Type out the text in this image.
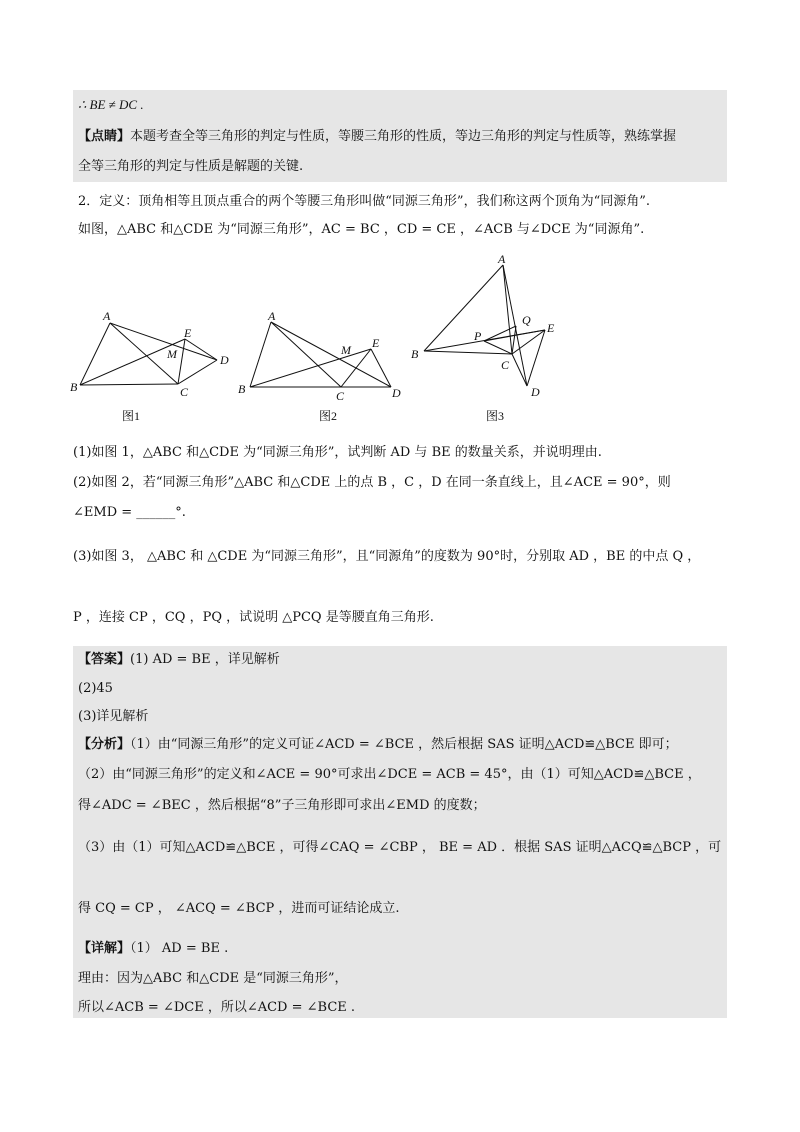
∴ BE ≠ DC .
【点睛】本题考查全等三角形的判定与性质，等腰三角形的性质，等边三角形的判定与性质等，熟练掌握
全等三角形的判定与性质是解题的关键.
2．定义：顶角相等且顶点重合的两个等腰三角形叫做“同源三角形”，我们称这两个顶角为“同源角”.
如图，△ABC 和△CDE 为“同源三角形”，AC = BC ，CD = CE ，∠ACB 与∠DCE 为“同源角”.
A
B	C
D
E
M
图1
A
B	C	D
E
M
图2
A
B
C
D
E
P
Q
图3
(1)如图 1，△ABC 和△CDE 为“同源三角形”，试判断 AD 与 BE 的数量关系，并说明理由.
(2)如图 2，若“同源三角形”△ABC 和△CDE 上的点 B ，C ，D 在同一条直线上，且∠ACE = 90°，则
∠EMD = ______°.
(3)如图 3， △ABC 和 △CDE 为“同源三角形”，且“同源角”的度数为 90°时，分别取 AD ，BE 的中点 Q ，
P ，连接 CP ，CQ ，PQ ，试说明 △PCQ 是等腰直角三角形.
【答案】(1) AD = BE ，详见解析
(2)45
(3)详见解析
【分析】（1）由“同源三角形”的定义可证∠ACD = ∠BCE ，然后根据 SAS 证明△ACD≌△BCE 即可；
（2）由“同源三角形”的定义和∠ACE = 90°可求出∠DCE = ACB = 45°，由（1）可知△ACD≌△BCE ，
得∠ADC = ∠BEC ，然后根据“8”子三角形即可求出∠EMD 的度数；
（3）由（1）可知△ACD≌△BCE ，可得∠CAQ = ∠CBP ， BE = AD ．根据 SAS 证明△ACQ≌△BCP ，可
得 CQ = CP ， ∠ACQ = ∠BCP ，进而可证结论成立.
【详解】（1） AD = BE .
理由：因为△ABC 和△CDE 是“同源三角形”，
所以∠ACB = ∠DCE ，所以∠ACD = ∠BCE .
